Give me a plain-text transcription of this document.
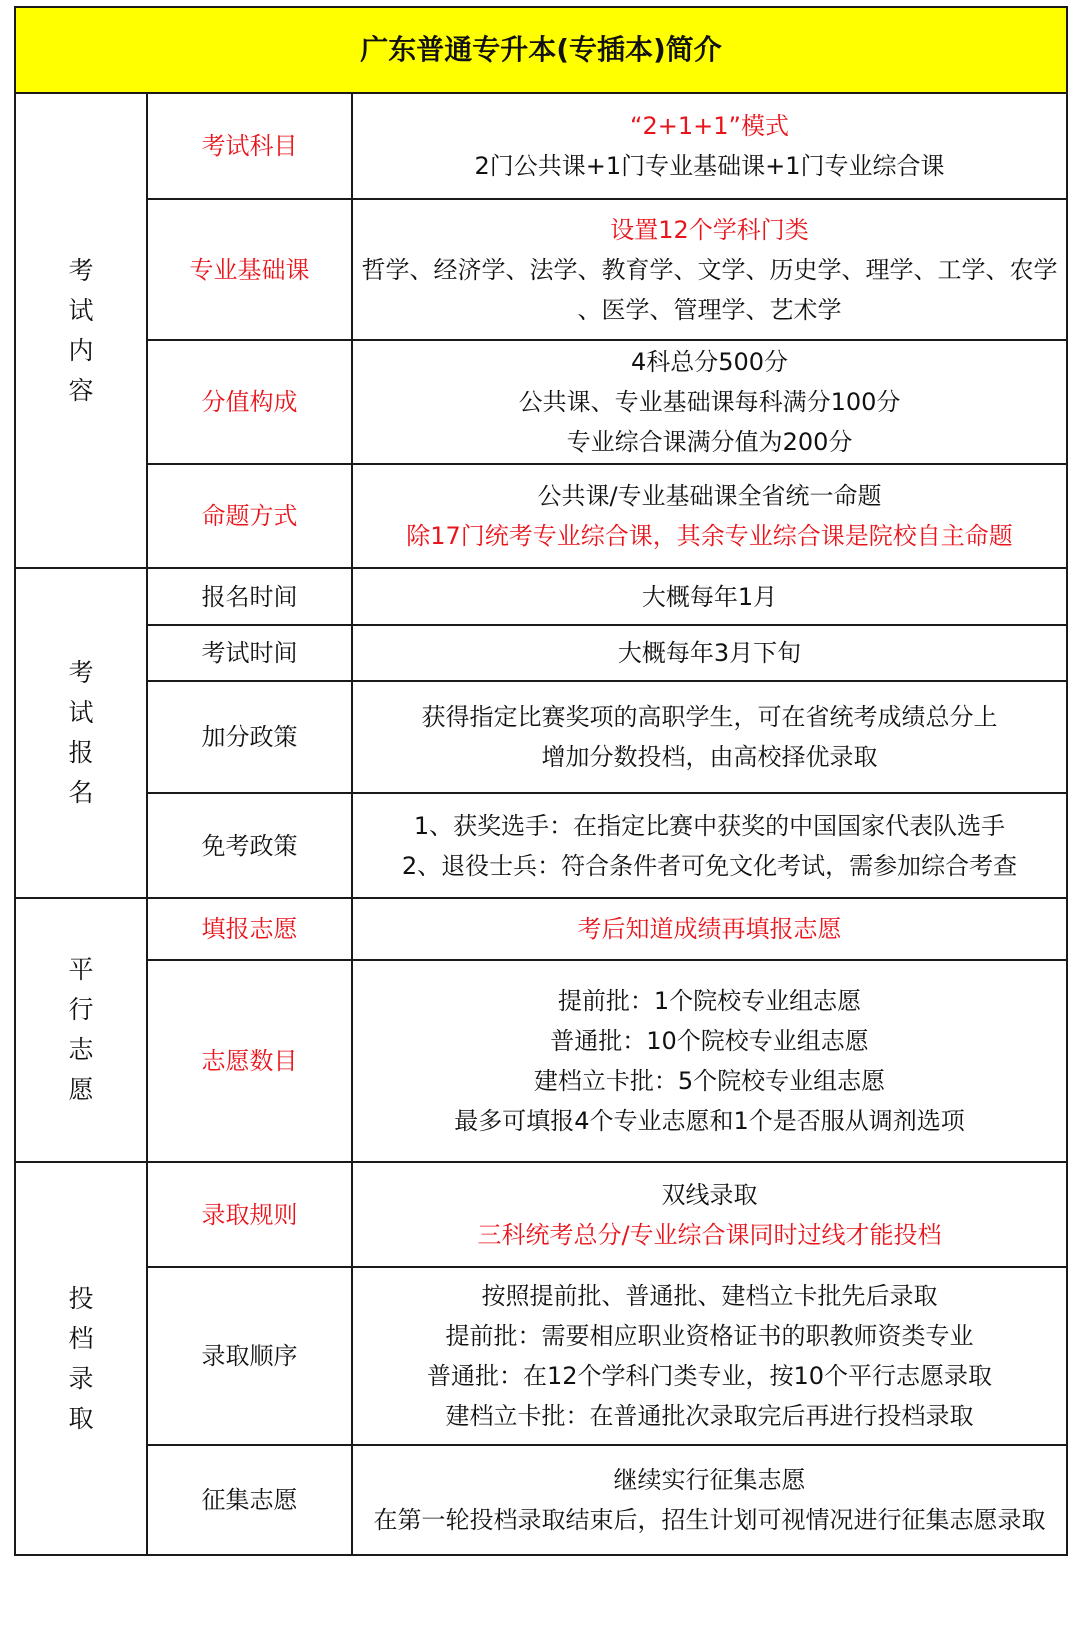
广东普通专升本(专插本)简介		

考
试
内
容	考试科目	“2+1+1”模式
2门公共课+1门专业基础课+1门专业综合课

	专业基础课	设置12个学科门类
哲学、经济学、法学、教育学、文学、历史学、理学、工学、农学
、医学、管理学、艺术学

	分值构成	4科总分500分
公共课、专业基础课每科满分100分
专业综合课满分值为200分

	命题方式	公共课/专业基础课全省统一命题
除17门统考专业综合课，其余专业综合课是院校自主命题

考
试
报
名	报名时间	大概每年1月

	考试时间	大概每年3月下旬

	加分政策	获得指定比赛奖项的高职学生，可在省统考成绩总分上
增加分数投档，由高校择优录取

	免考政策	1、获奖选手：在指定比赛中获奖的中国国家代表队选手
2、退役士兵：符合条件者可免文化考试，需参加综合考查

平
行
志
愿	填报志愿	考后知道成绩再填报志愿

	志愿数目	提前批：1个院校专业组志愿
普通批：10个院校专业组志愿
建档立卡批：5个院校专业组志愿
最多可填报4个专业志愿和1个是否服从调剂选项

投
档
录
取	录取规则	双线录取
三科统考总分/专业综合课同时过线才能投档

	录取顺序	按照提前批、普通批、建档立卡批先后录取
提前批：需要相应职业资格证书的职教师资类专业
普通批：在12个学科门类专业，按10个平行志愿录取
建档立卡批：在普通批次录取完后再进行投档录取

	征集志愿	继续实行征集志愿
在第一轮投档录取结束后，招生计划可视情况进行征集志愿录取
